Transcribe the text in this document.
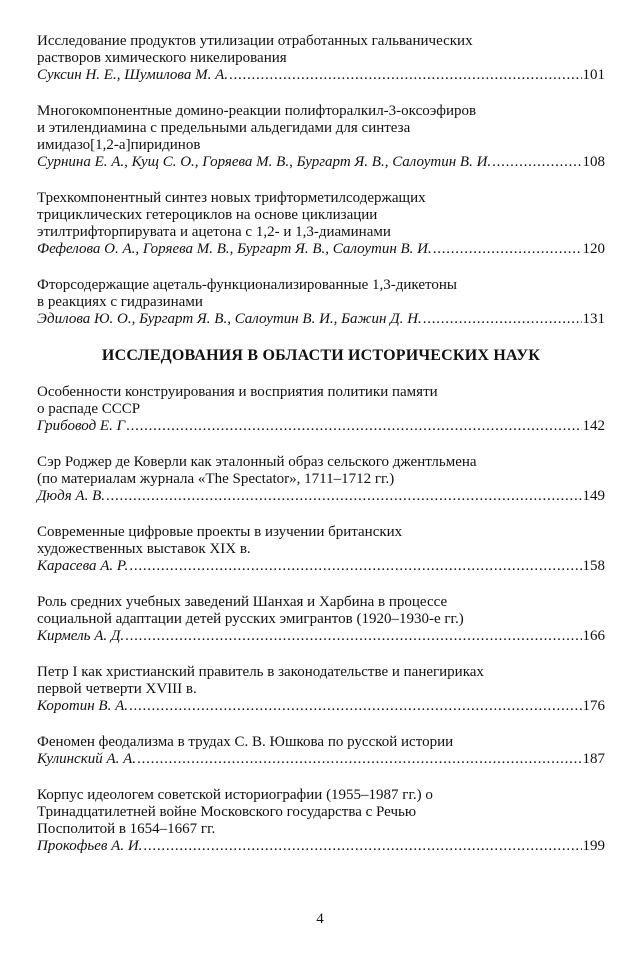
Исследование продуктов утилизации отработанных гальванических
растворов химического никелирования
Суксин Н. Е., Шумилова М. А. . . .	101
Многокомпонентные домино-реакции полифторалкил-3-оксоэфиров
и этилендиамина с предельными альдегидами для синтеза
имидазо[1,2-a]пиридинов
Сурнина Е. А., Кущ С. О., Горяева М. В., Бургарт Я. В., Салоутин В. И. . . .	108
Трехкомпонентный синтез новых трифторметилсодержащих
трициклических гетероциклов на основе циклизации
этилтрифторпирувата и ацетона с 1,2- и 1,3-диаминами
Фефелова О. А., Горяева М. В., Бургарт Я. В., Салоутин В. И. . . .	120
Фторсодержащие ацеталь-функционализированные 1,3-дикетоны
в реакциях с гидразинами
Эдилова Ю. О., Бургарт Я. В., Салоутин В. И., Бажин Д. Н. . . .	131
ИССЛЕДОВАНИЯ В ОБЛАСТИ ИСТОРИЧЕСКИХ НАУК
Особенности конструирования и восприятия политики памяти
о распаде СССР
Грибовод Е. Г . . .	142
Сэр Роджер де Коверли как эталонный образ сельского джентльмена
(по материалам журнала «The Spectator», 1711–1712 гг.)
Дюдя А. В. . . .	149
Современные цифровые проекты в изучении британских
художественных выставок XIX в.
Карасева А. Р. . . .	158
Роль средних учебных заведений Шанхая и Харбина в процессе
социальной адаптации детей русских эмигрантов (1920–1930-е гг.)
Кирмель А. Д. . . .	166
Петр I как христианский правитель в законодательстве и панегириках
первой четверти XVIII в.
Коротин В. А. . . .	176
Феномен феодализма в трудах С. В. Юшкова по русской истории
Кулинский А. А. . . .	187
Корпус идеологем советской историографии (1955–1987 гг.) о
Тринадцатилетней войне Московского государства с Речью
Посполитой в 1654–1667 гг.
Прокофьев А. И. . . .	199
4
